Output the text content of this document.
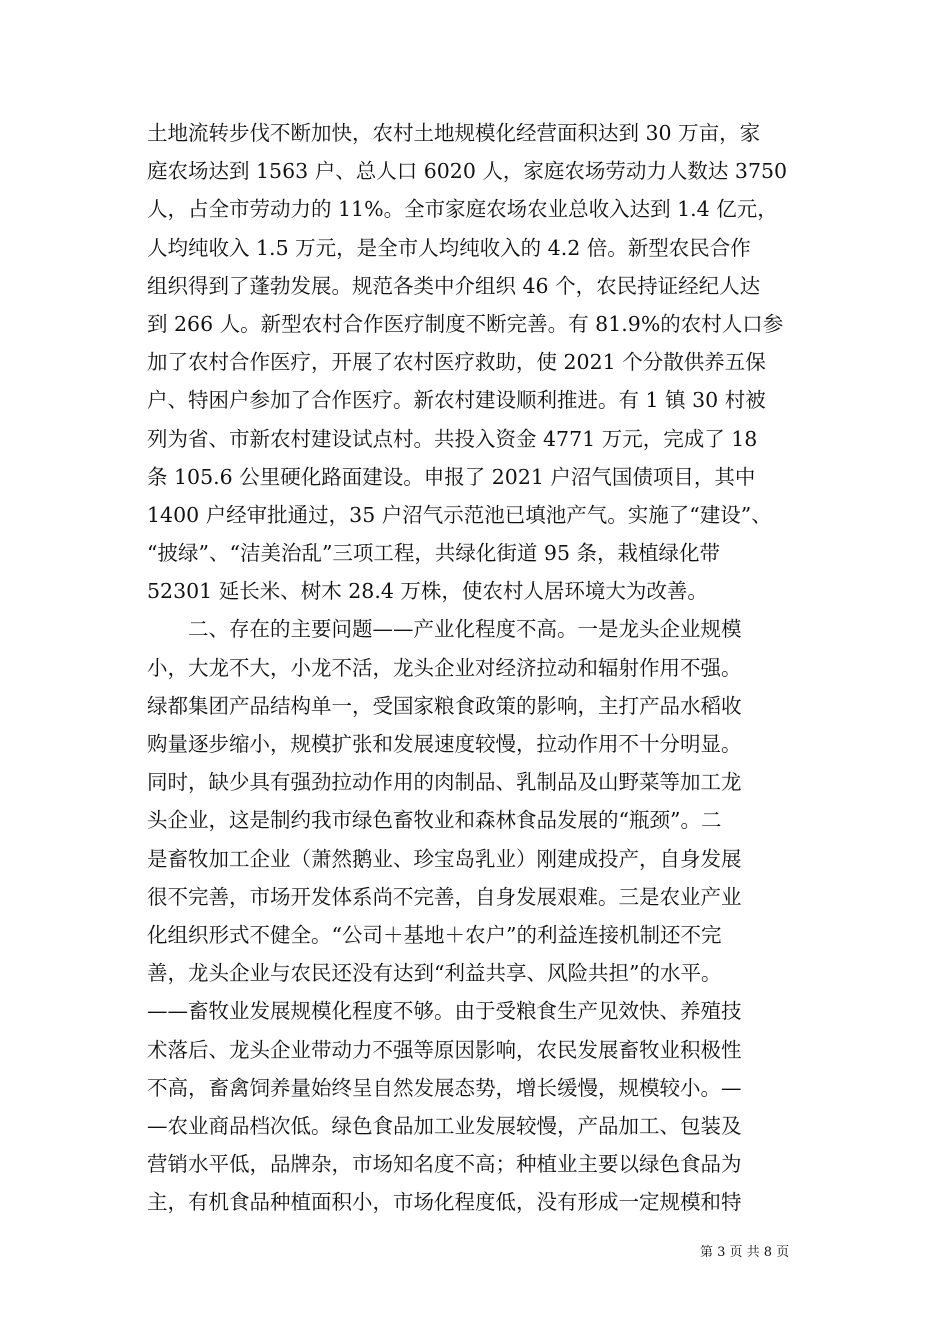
土地流转步伐不断加快，农村土地规模化经营面积达到 30 万亩，家
庭农场达到 1563 户、总人口 6020 人，家庭农场劳动力人数达 3750
人，占全市劳动力的 11%。全市家庭农场农业总收入达到 1.4 亿元，
人均纯收入 1.5 万元，是全市人均纯收入的 4.2 倍。新型农民合作
组织得到了蓬勃发展。规范各类中介组织 46 个，农民持证经纪人达
到 266 人。新型农村合作医疗制度不断完善。有 81.9%的农村人口参
加了农村合作医疗，开展了农村医疗救助，使 2021 个分散供养五保
户、特困户参加了合作医疗。新农村建设顺利推进。有 1 镇 30 村被
列为省、市新农村建设试点村。共投入资金 4771 万元，完成了 18
条 105.6 公里硬化路面建设。申报了 2021 户沼气国债项目，其中
1400 户经审批通过，35 户沼气示范池已填池产气。实施了“建设”、
“披绿”、“洁美治乱”三项工程，共绿化街道 95 条，栽植绿化带
52301 延长米、树木 28.4 万株，使农村人居环境大为改善。
　　二、存在的主要问题——产业化程度不高。一是龙头企业规模
小，大龙不大，小龙不活，龙头企业对经济拉动和辐射作用不强。
绿都集团产品结构单一，受国家粮食政策的影响，主打产品水稻收
购量逐步缩小，规模扩张和发展速度较慢，拉动作用不十分明显。
同时，缺少具有强劲拉动作用的肉制品、乳制品及山野菜等加工龙
头企业，这是制约我市绿色畜牧业和森林食品发展的“瓶颈”。二
是畜牧加工企业（萧然鹅业、珍宝岛乳业）刚建成投产，自身发展
很不完善，市场开发体系尚不完善，自身发展艰难。三是农业产业
化组织形式不健全。“公司＋基地＋农户”的利益连接机制还不完
善，龙头企业与农民还没有达到“利益共享、风险共担”的水平。
——畜牧业发展规模化程度不够。由于受粮食生产见效快、养殖技
术落后、龙头企业带动力不强等原因影响，农民发展畜牧业积极性
不高，畜禽饲养量始终呈自然发展态势，增长缓慢，规模较小。—
—农业商品档次低。绿色食品加工业发展较慢，产品加工、包装及
营销水平低，品牌杂，市场知名度不高；种植业主要以绿色食品为
主，有机食品种植面积小，市场化程度低，没有形成一定规模和特
第 3 页 共 8 页
